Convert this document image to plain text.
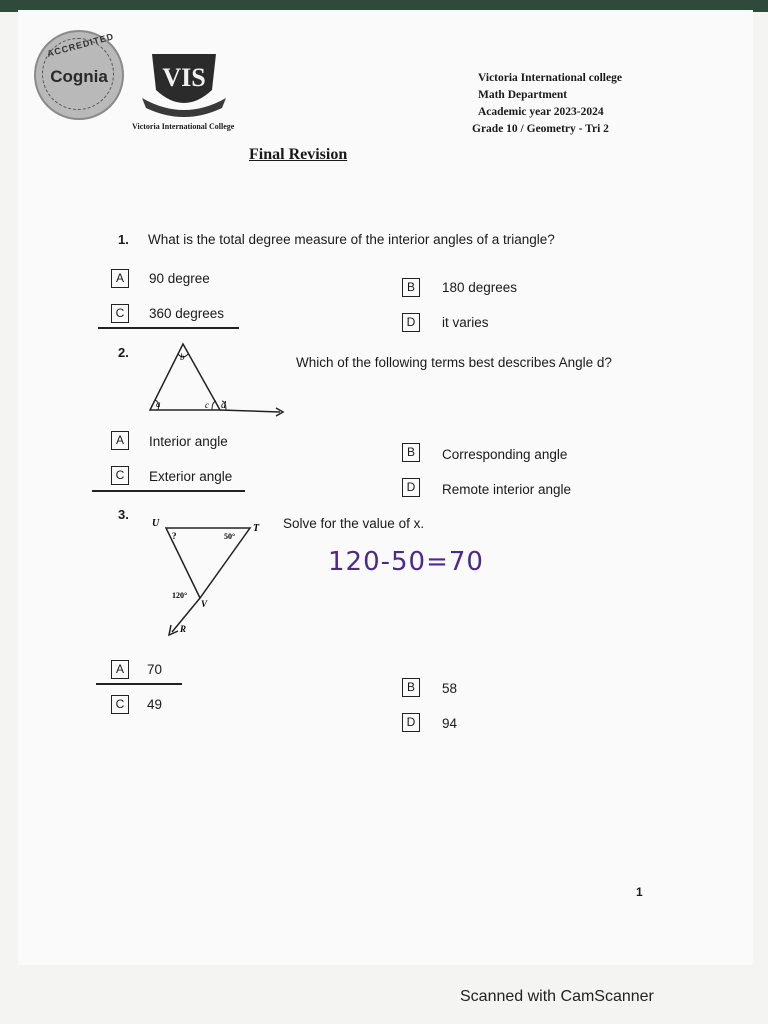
ACCREDITED
Cognia	VIS
Victoria International College
Victoria International college
Math Department
Academic year 2023-2024
Grade 10 / Geometry - Tri 2
Final Revision
1. What is the total degree measure of the interior angles of a triangle?
A	90 degree
B	180 degrees
C	360 degrees
D	it varies
2.
Which of the following terms best describes Angle d?
b
a	c d
A	Interior angle
B	Corresponding angle
C	Exterior angle
D	Remote interior angle
3.
Solve for the value of x.
120-50=70
U	T
?	50°
120°
V
R
A	70
B	58
C	49
D	94
1
Scanned with CamScanner
